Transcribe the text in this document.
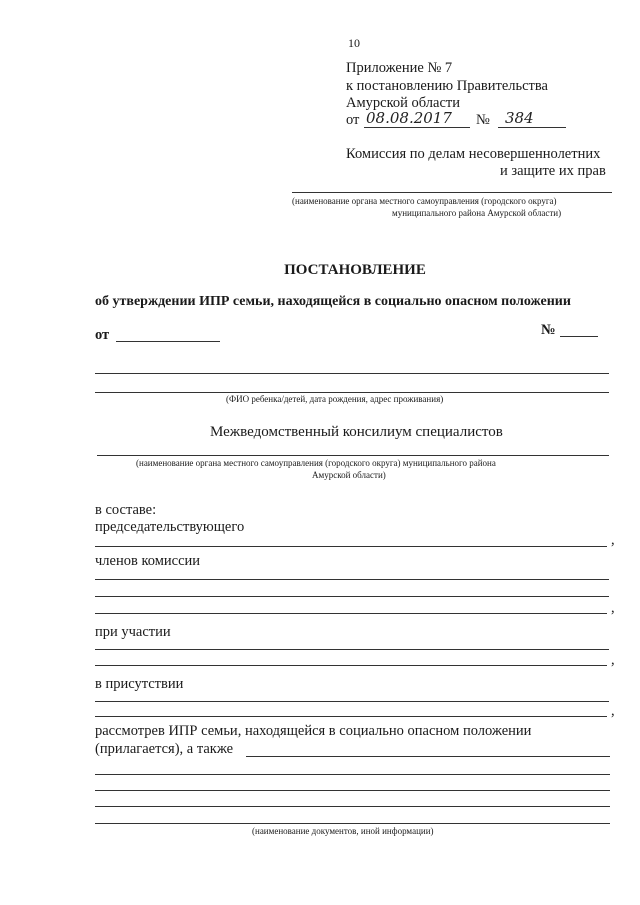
10
Приложение № 7
к постановлению Правительства
Амурской области
от 08.08.2017 № 384
Комиссия по делам несовершеннолетних
и защите их прав
(наименование органа местного самоуправления (городского округа)
муниципального района Амурской области)
ПОСТАНОВЛЕНИЕ
об утверждении ИПР семьи, находящейся в социально опасном положении
от	№
(ФИО ребенка/детей, дата рождения, адрес проживания)
Межведомственный консилиум специалистов
(наименование органа местного самоуправления (городского округа) муниципального района
Амурской области)
в составе:
председательствующего
,
членов комиссии
,
при участии
,
в присутствии
,
рассмотрев ИПР семьи, находящейся в социально опасном положении
(прилагается), а также
(наименование документов, иной информации)
